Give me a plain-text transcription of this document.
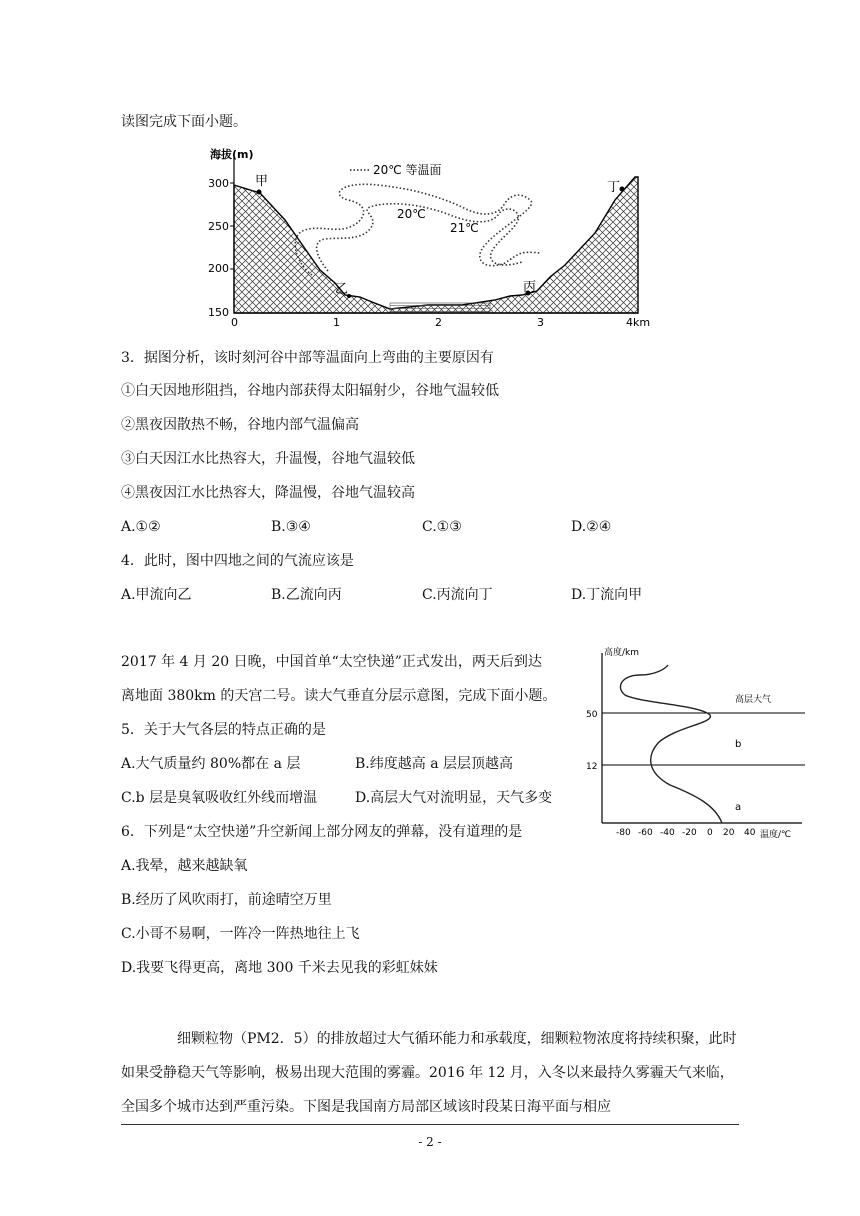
读图完成下面小题。
海拔(m)
300
250
200
150
0	1	2	3	4km
20℃ 等温面
20℃
21℃
甲
乙	丙
丁
3．据图分析，该时刻河谷中部等温面向上弯曲的主要原因有
①白天因地形阻挡，谷地内部获得太阳辐射少，谷地气温较低
②黑夜因散热不畅，谷地内部气温偏高
③白天因江水比热容大，升温慢，谷地气温较低
④黑夜因江水比热容大，降温慢，谷地气温较高
A.①②	B.③④	C.①③	D.②④
4．此时，图中四地之间的气流应该是
A.甲流向乙	B.乙流向丙	C.丙流向丁	D.丁流向甲
2017 年 4 月 20 日晚，中国首单“太空快递”正式发出，两天后到达
离地面 380km 的天宫二号。读大气垂直分层示意图，完成下面小题。
5．关于大气各层的特点正确的是
A.大气质量约 80%都在 a 层	B.纬度越高 a 层层顶越高
C.b 层是臭氧吸收红外线而增温	D.高层大气对流明显，天气多变
6．下列是“太空快递”升空新闻上部分网友的弹幕，没有道理的是
A.我晕，越来越缺氧
B.经历了风吹雨打，前途晴空万里
C.小哥不易啊，一阵冷一阵热地往上飞
D.我要飞得更高，离地 300 千米去见我的彩虹妹妹
高度/km
温度/℃
50
12
高层大气
b
a
-80 -60 -40 -20 0 20 40
细颗粒物（PM2．5）的排放超过大气循环能力和承载度，细颗粒物浓度将持续积聚，此时如果受静稳天气等影响，极易出现大范围的雾霾。2016 年 12 月，入冬以来最持久雾霾天气来临，全国多个城市达到严重污染。下图是我国南方局部区域该时段某日海平面与相应
- 2 -
